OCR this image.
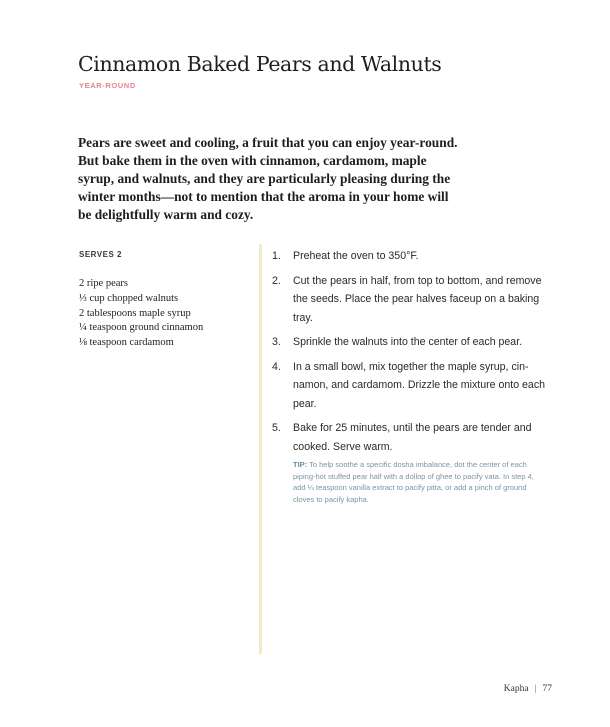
Cinnamon Baked Pears and Walnuts
YEAR-ROUND

Pears are sweet and cooling, a fruit that you can enjoy year-round. But bake them in the oven with cinnamon, cardamom, maple syrup, and walnuts, and they are particularly pleasing during the winter months—not to mention that the aroma in your home will be delightfully warm and cozy.

SERVES 2
2 ripe pears
⅓ cup chopped walnuts
2 tablespoons maple syrup
¼ teaspoon ground cinnamon
⅛ teaspoon cardamom
1. Preheat the oven to 350°F.
2. Cut the pears in half, from top to bottom, and remove the seeds. Place the pear halves faceup on a baking tray.
3. Sprinkle the walnuts into the center of each pear.
4. In a small bowl, mix together the maple syrup, cin-namon, and cardamom. Drizzle the mixture onto each pear.
5. Bake for 25 minutes, until the pears are tender and cooked. Serve warm.

TIP: To help soothe a specific dosha imbalance, dot the center of each piping-hot stuffed pear half with a dollop of ghee to pacify vata. In step 4, add ¼ teaspoon vanilla extract to pacify pitta, or add a pinch of ground cloves to pacify kapha.

Kapha | 77
